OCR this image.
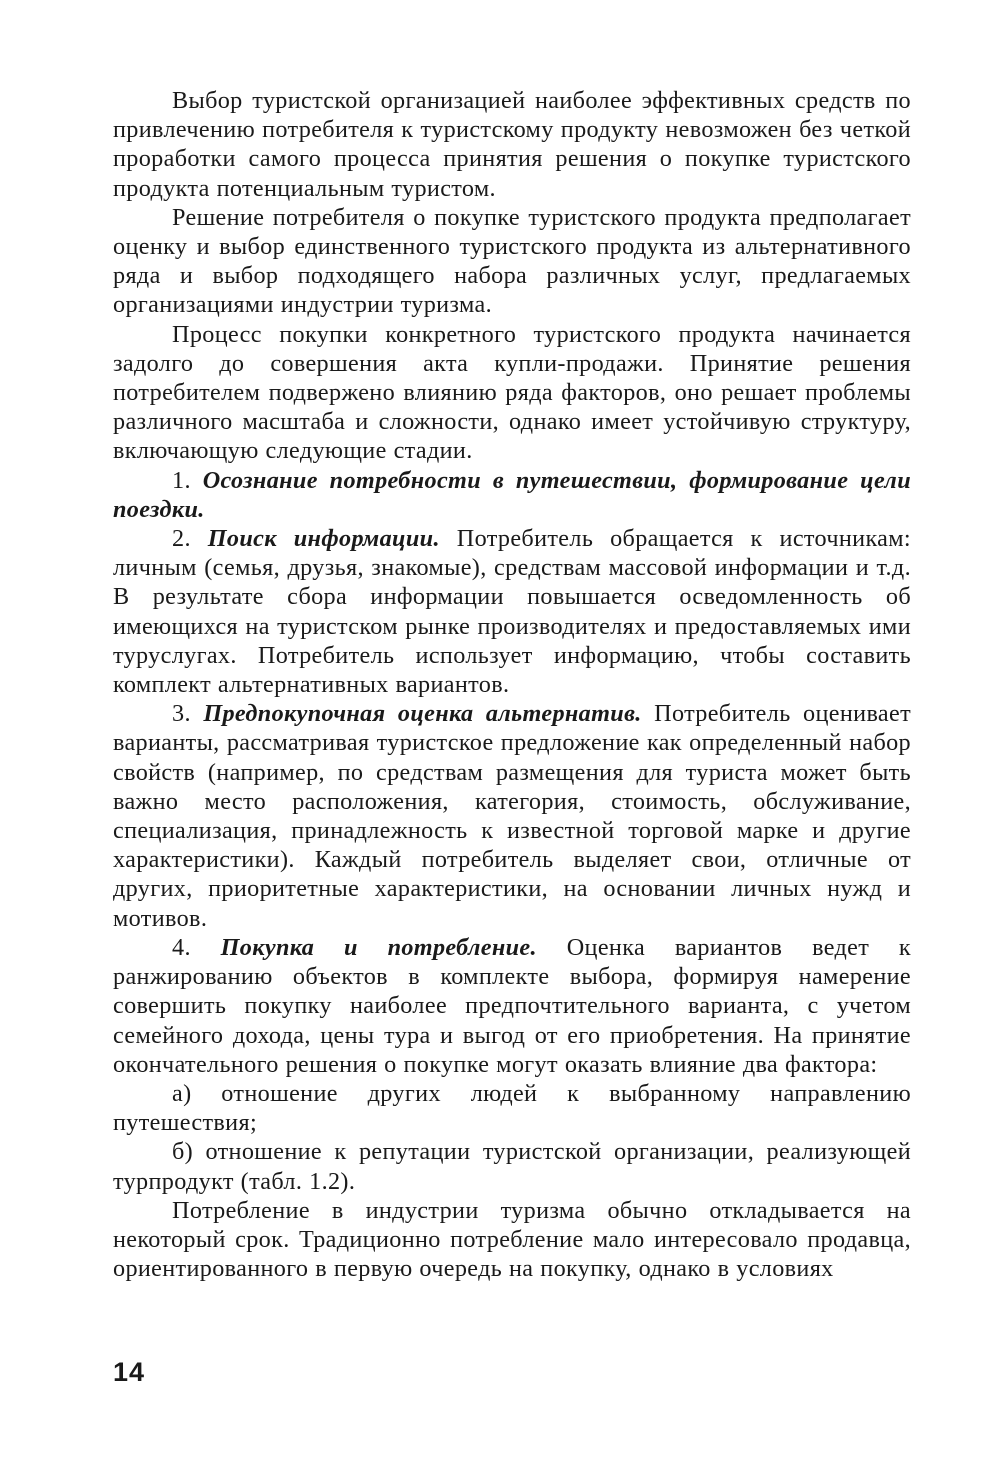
Выбор туристской организацией наиболее эффективных средств по привлечению потребителя к туристскому продукту невозможен без четкой проработки самого процесса принятия решения о покупке туристского продукта потенциальным туристом.

Решение потребителя о покупке туристского продукта предполагает оценку и выбор единственного туристского продукта из альтернативного ряда и выбор подходящего набора различных услуг, предлагаемых организациями индустрии туризма.

Процесс покупки конкретного туристского продукта начинается задолго до совершения акта купли-продажи. Принятие решения потребителем подвержено влиянию ряда факторов, оно решает проблемы различного масштаба и сложности, однако имеет устойчивую структуру, включающую следующие стадии.

1. Осознание потребности в путешествии, формирование цели поездки.

2. Поиск информации. Потребитель обращается к источникам: личным (семья, друзья, знакомые), средствам массовой информации и т.д. В результате сбора информации повышается осведомленность об имеющихся на туристском рынке производителях и предоставляемых ими туруслугах. Потребитель использует информацию, чтобы составить комплект альтернативных вариантов.

3. Предпокупочная оценка альтернатив. Потребитель оценивает варианты, рассматривая туристское предложение как определенный набор свойств (например, по средствам размещения для туриста может быть важно место расположения, категория, стоимость, обслуживание, специализация, принадлежность к известной торговой марке и другие характеристики). Каждый потребитель выделяет свои, отличные от других, приоритетные характеристики, на основании личных нужд и мотивов.

4. Покупка и потребление. Оценка вариантов ведет к ранжированию объектов в комплекте выбора, формируя намерение совершить покупку наиболее предпочтительного варианта, с учетом семейного дохода, цены тура и выгод от его приобретения. На принятие окончательного решения о покупке могут оказать влияние два фактора:

а) отношение других людей к выбранному направлению путешествия;

б) отношение к репутации туристской организации, реализующей турпродукт (табл. 1.2).

Потребление в индустрии туризма обычно откладывается на некоторый срок. Традиционно потребление мало интересовало продавца, ориентированного в первую очередь на покупку, однако в условиях

14
